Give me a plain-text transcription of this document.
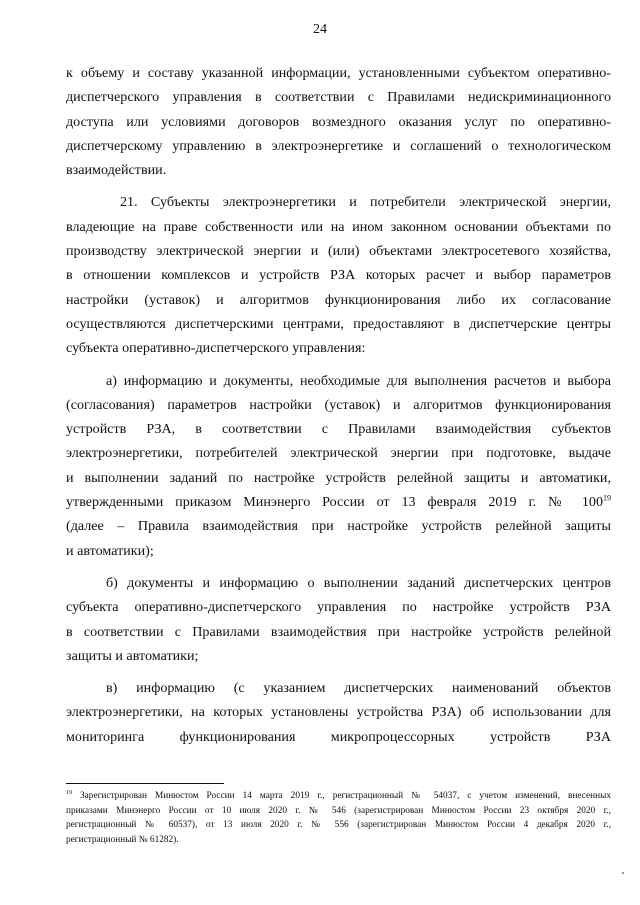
24
к объему и составу указанной информации, установленными субъектом оперативно-
диспетчерского управления в соответствии с Правилами недискриминационного
доступа или условиями договоров возмездного оказания услуг по оперативно-
диспетчерскому управлению в электроэнергетике и соглашений о технологическом
взаимодействии.
21. Субъекты электроэнергетики и потребители электрической энергии,
владеющие на праве собственности или на ином законном основании объектами по
производству электрической энергии и (или) объектами электросетевого хозяйства,
в отношении комплексов и устройств РЗА которых расчет и выбор параметров
настройки (уставок) и алгоритмов функционирования либо их согласование
осуществляются диспетчерскими центрами, предоставляют в диспетчерские центры
субъекта оперативно-диспетчерского управления:
а) информацию и документы, необходимые для выполнения расчетов и выбора
(согласования) параметров настройки (уставок) и алгоритмов функционирования
устройств РЗА, в соответствии с Правилами взаимодействия субъектов
электроэнергетики, потребителей электрической энергии при подготовке, выдаче
и выполнении заданий по настройке устройств релейной защиты и автоматики,
утвержденными приказом Минэнерго России от 13 февраля 2019 г. № $100^{19}$
(далее – Правила взаимодействия при настройке устройств релейной защиты
и автоматики);
б) документы и информацию о выполнении заданий диспетчерских центров
субъекта оперативно-диспетчерского управления по настройке устройств РЗА
в соответствии с Правилами взаимодействия при настройке устройств релейной
защиты и автоматики;
в) информацию (с указанием диспетчерских наименований объектов
электроэнергетики, на которых установлены устройства РЗА) об использовании для
мониторинга функционирования микропроцессорных устройств РЗА
$^{19}$ Зарегистрирован Минюстом России 14 марта 2019 г., регистрационный № 54037, с учетом изменений, внесенных
приказами Минэнерго России от 10 июля 2020 г. № 546 (зарегистрирован Минюстом России 23 октября 2020 г.,
регистрационный № 60537), от 13 июля 2020 г. № 556 (зарегистрирован Минюстом России 4 декабря 2020 г.,
регистрационный № 61282).
